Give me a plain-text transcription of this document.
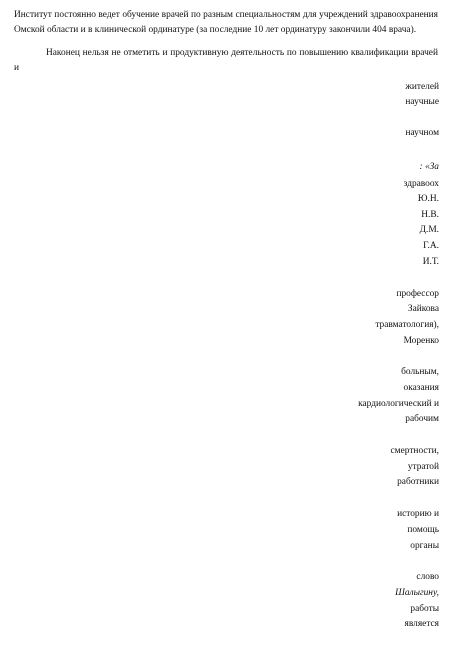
Институт постоянно ведет обучение врачей по разным специальностям для учреждений здравоохранения Омской области и в клинической ординатуре (за последние 10 лет ординатуру закончили 404 врача).

Наконец нельзя не отметить и продуктивную деятельность по повышению квалификации врачей и

жителей
научные
научном
: «За
здравоох
Ю.Н.
Н.В.
Д.М.
Г.А.
И.Т.
профессор
Зайкова
травматология),
Моренко
больным,
оказания
кардиологический и
рабочим
смертности,
утратой
работники
историю и
помощь
органы
слово
Шалыгину,
работы
является
